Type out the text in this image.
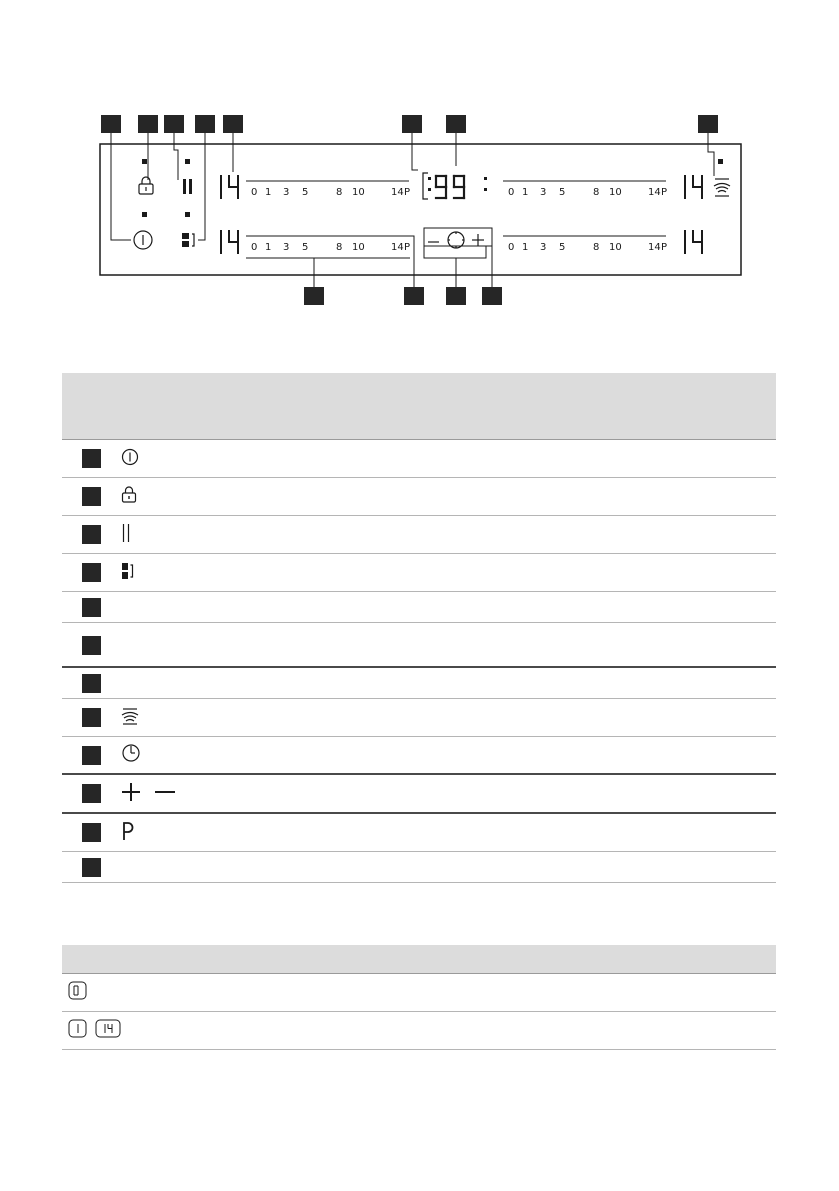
0 1 3 5	8 10	14 P	0 1 3 5	8 10	14 P
0 1 3 5	8 10	14 P	0 1 3 5	8 10	14 P
